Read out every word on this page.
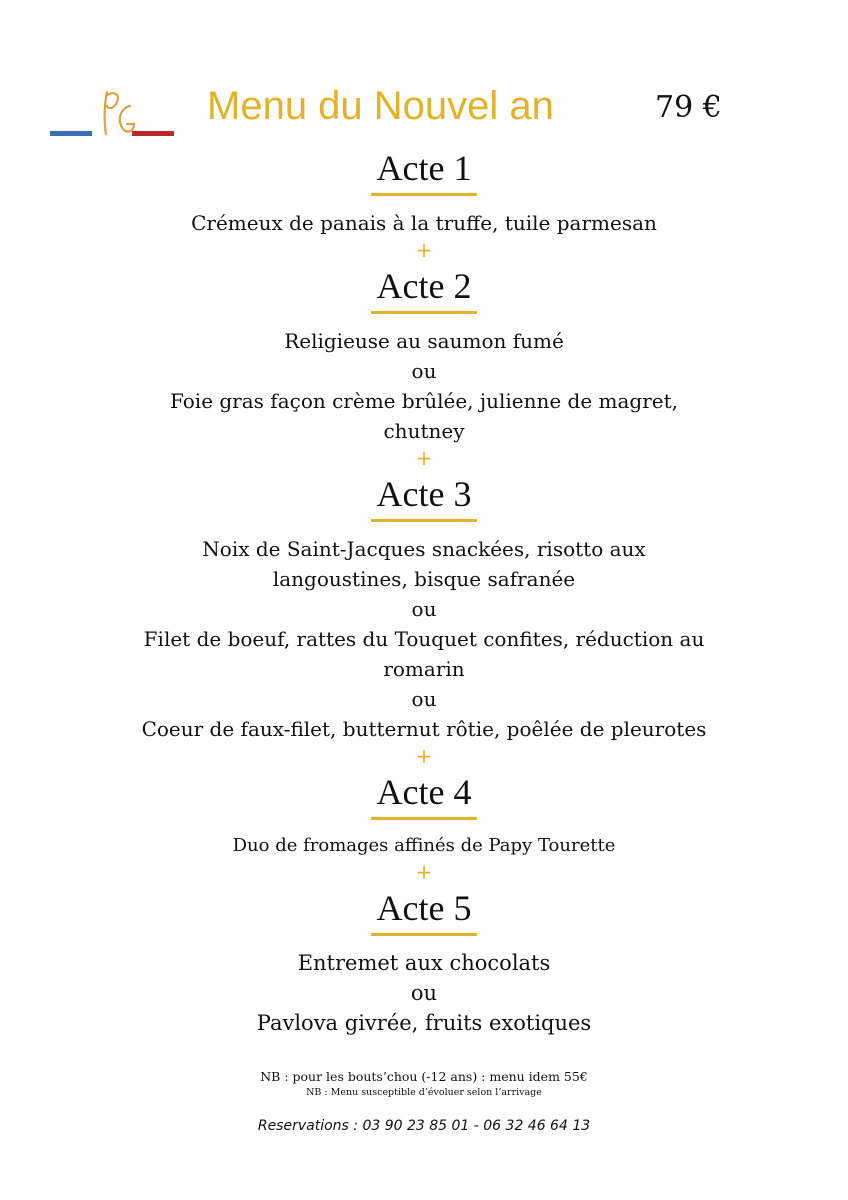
Menu du Nouvel an	79 €
Acte 1

Crémeux de panais à la truffe, tuile parmesan

+
Acte 2

Religieuse au saumon fumé

ou

Foie gras façon crème brûlée, julienne de magret,

chutney

+
Acte 3

Noix de Saint-Jacques snackées, risotto aux

langoustines, bisque safranée

ou

Filet de boeuf, rattes du Touquet confites, réduction au

romarin

ou

Coeur de faux-filet, butternut rôtie, poêlée de pleurotes

+
Acte 4

Duo de fromages affinés de Papy Tourette

+
Acte 5

Entremet aux chocolats

ou

Pavlova givrée, fruits exotiques

NB : pour les bouts’chou (-12 ans) : menu idem 55€

NB : Menu susceptible d’évoluer selon l’arrivage

Reservations : 03 90 23 85 01 - 06 32 46 64 13
